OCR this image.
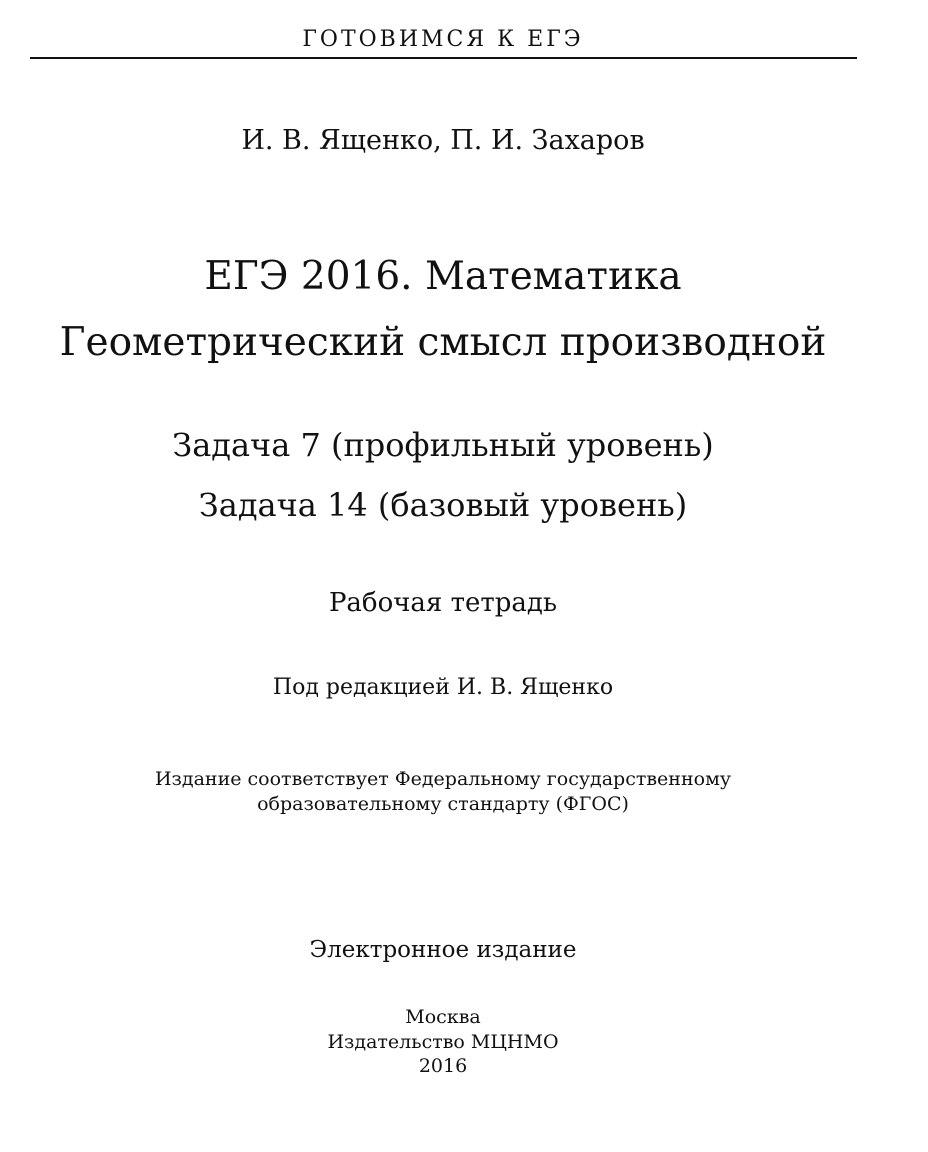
ГОТОВИМСЯ К ЕГЭ
И. В. Ященко, П. И. Захаров
ЕГЭ 2016. Математика
Геометрический смысл производной
Задача 7 (профильный уровень)
Задача 14 (базовый уровень)
Рабочая тетрадь
Под редакцией И. В. Ященко
Издание соответствует Федеральному государственному
образовательному стандарту (ФГОС)
Электронное издание
Москва
Издательство МЦНМО
2016
